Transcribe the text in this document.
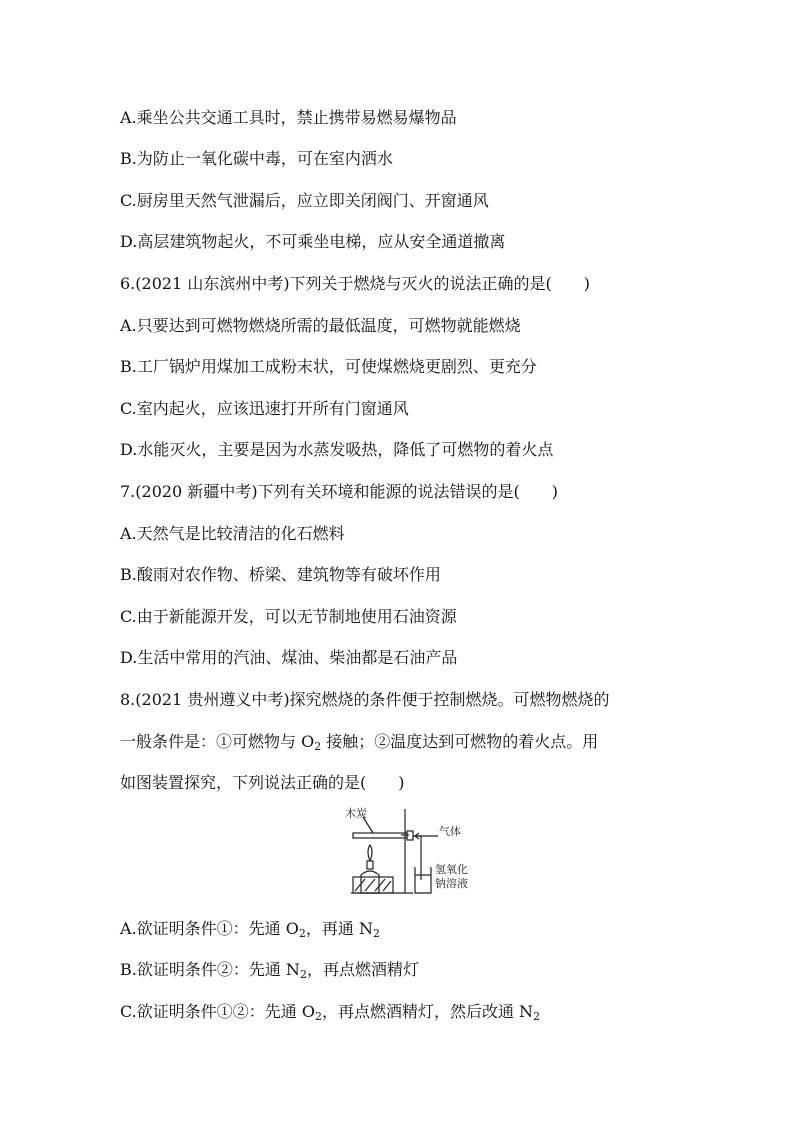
A.乘坐公共交通工具时，禁止携带易燃易爆物品
B.为防止一氧化碳中毒，可在室内洒水
C.厨房里天然气泄漏后，应立即关闭阀门、开窗通风
D.高层建筑物起火，不可乘坐电梯，应从安全通道撤离
6.(2021 山东滨州中考)下列关于燃烧与灭火的说法正确的是(　　)
A.只要达到可燃物燃烧所需的最低温度，可燃物就能燃烧
B.工厂锅炉用煤加工成粉末状，可使煤燃烧更剧烈、更充分
C.室内起火，应该迅速打开所有门窗通风
D.水能灭火，主要是因为水蒸发吸热，降低了可燃物的着火点
7.(2020 新疆中考)下列有关环境和能源的说法错误的是(　　)
A.天然气是比较清洁的化石燃料
B.酸雨对农作物、桥梁、建筑物等有破坏作用
C.由于新能源开发，可以无节制地使用石油资源
D.生活中常用的汽油、煤油、柴油都是石油产品
8.(2021 贵州遵义中考)探究燃烧的条件便于控制燃烧。可燃物燃烧的
一般条件是：①可燃物与 $O_2$ 接触；②温度达到可燃物的着火点。用
如图装置探究，下列说法正确的是(　　)
木炭
气体
氢氧化
钠溶液
A.欲证明条件①：先通 $O_2$，再通 $N_2$
B.欲证明条件②：先通 $N_2$，再点燃酒精灯
C.欲证明条件①②：先通 $O_2$，再点燃酒精灯，然后改通 $N_2$
